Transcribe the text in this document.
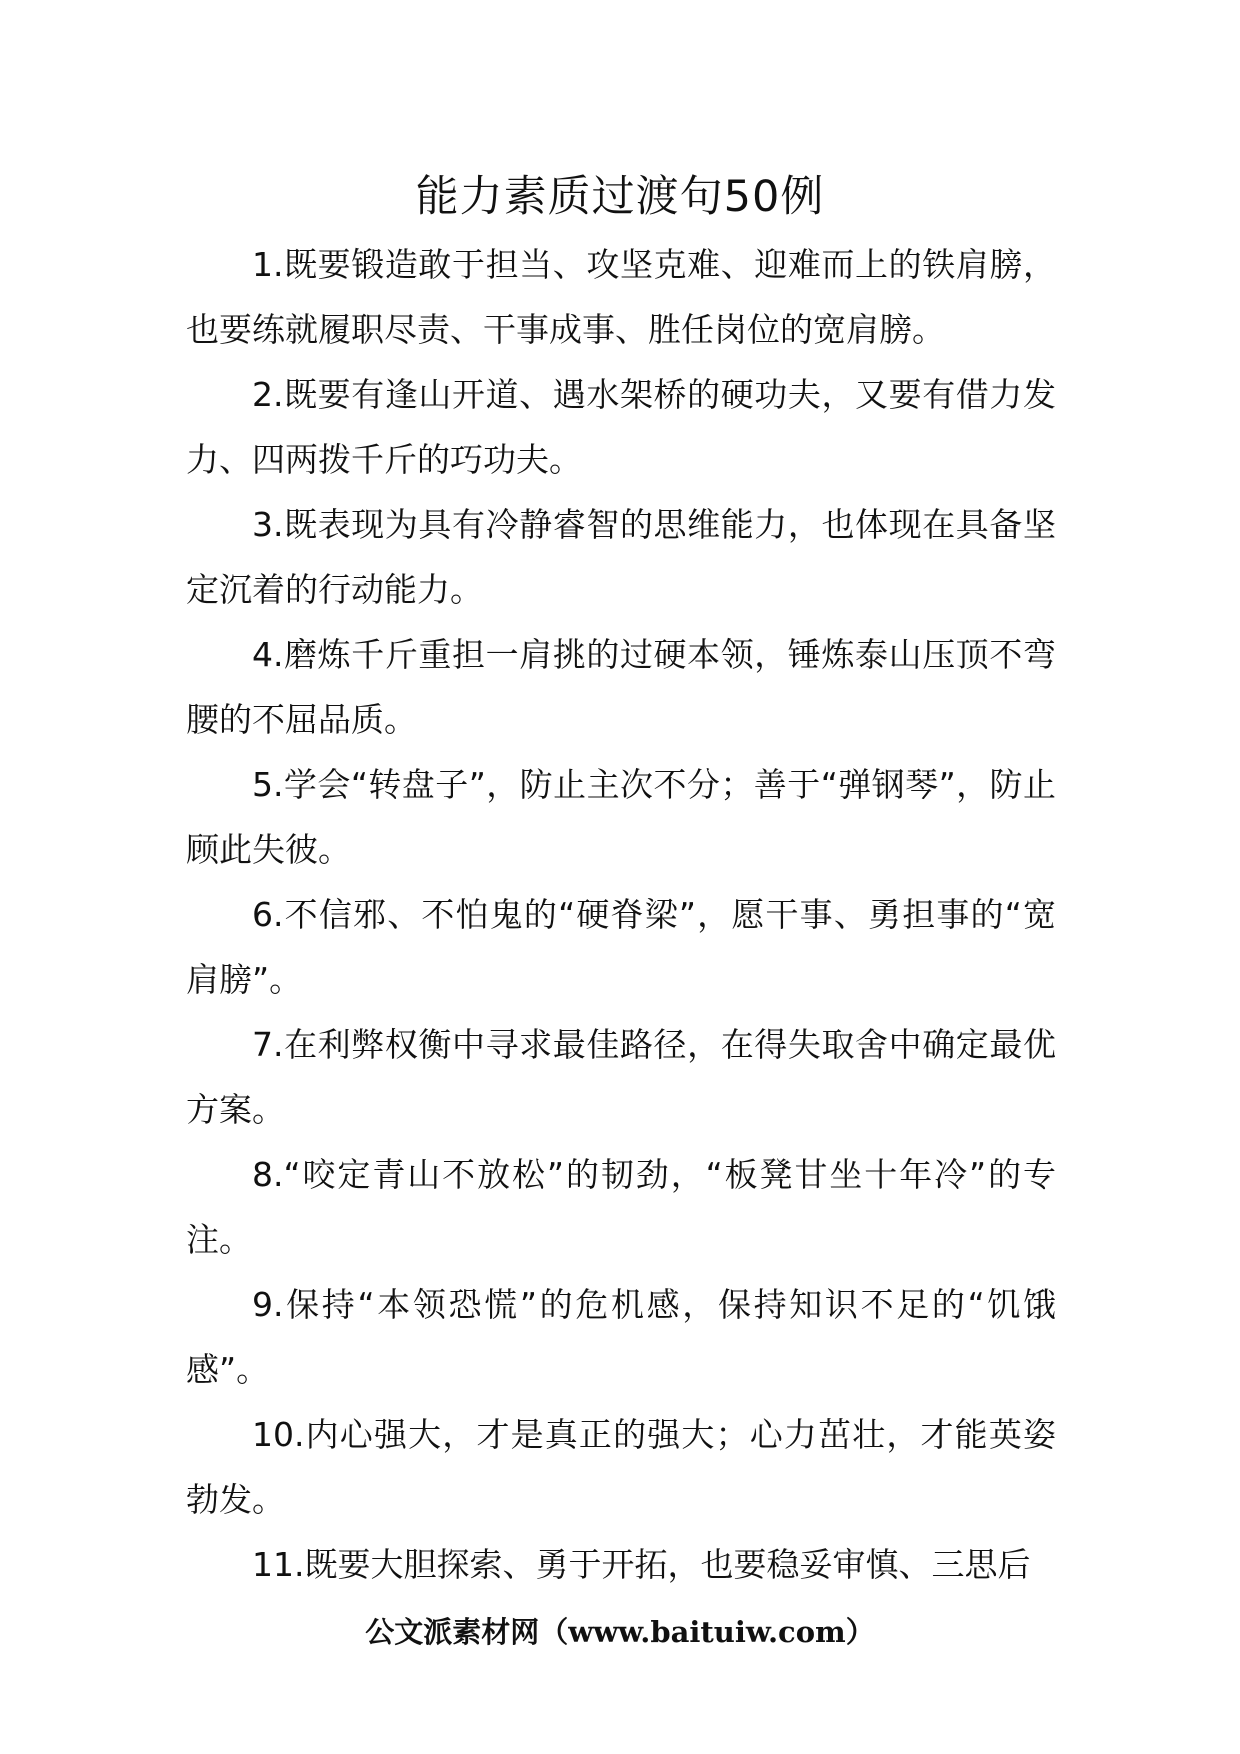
能力素质过渡句50例

1.既要锻造敢于担当、攻坚克难、迎难而上的铁肩膀，也要练就履职尽责、干事成事、胜任岗位的宽肩膀。

2.既要有逢山开道、遇水架桥的硬功夫，又要有借力发力、四两拨千斤的巧功夫。

3.既表现为具有冷静睿智的思维能力，也体现在具备坚定沉着的行动能力。

4.磨炼千斤重担一肩挑的过硬本领，锤炼泰山压顶不弯腰的不屈品质。

5.学会“转盘子”，防止主次不分；善于“弹钢琴”，防止顾此失彼。

6.不信邪、不怕鬼的“硬脊梁”，愿干事、勇担事的“宽肩膀”。

7.在利弊权衡中寻求最佳路径，在得失取舍中确定最优方案。

8.“咬定青山不放松”的韧劲，“板凳甘坐十年冷”的专注。

9.保持“本领恐慌”的危机感，保持知识不足的“饥饿感”。

10.内心强大，才是真正的强大；心力茁壮，才能英姿勃发。

11.既要大胆探索、勇于开拓，也要稳妥审慎、三思后

公文派素材网（www.baituiw.com）
